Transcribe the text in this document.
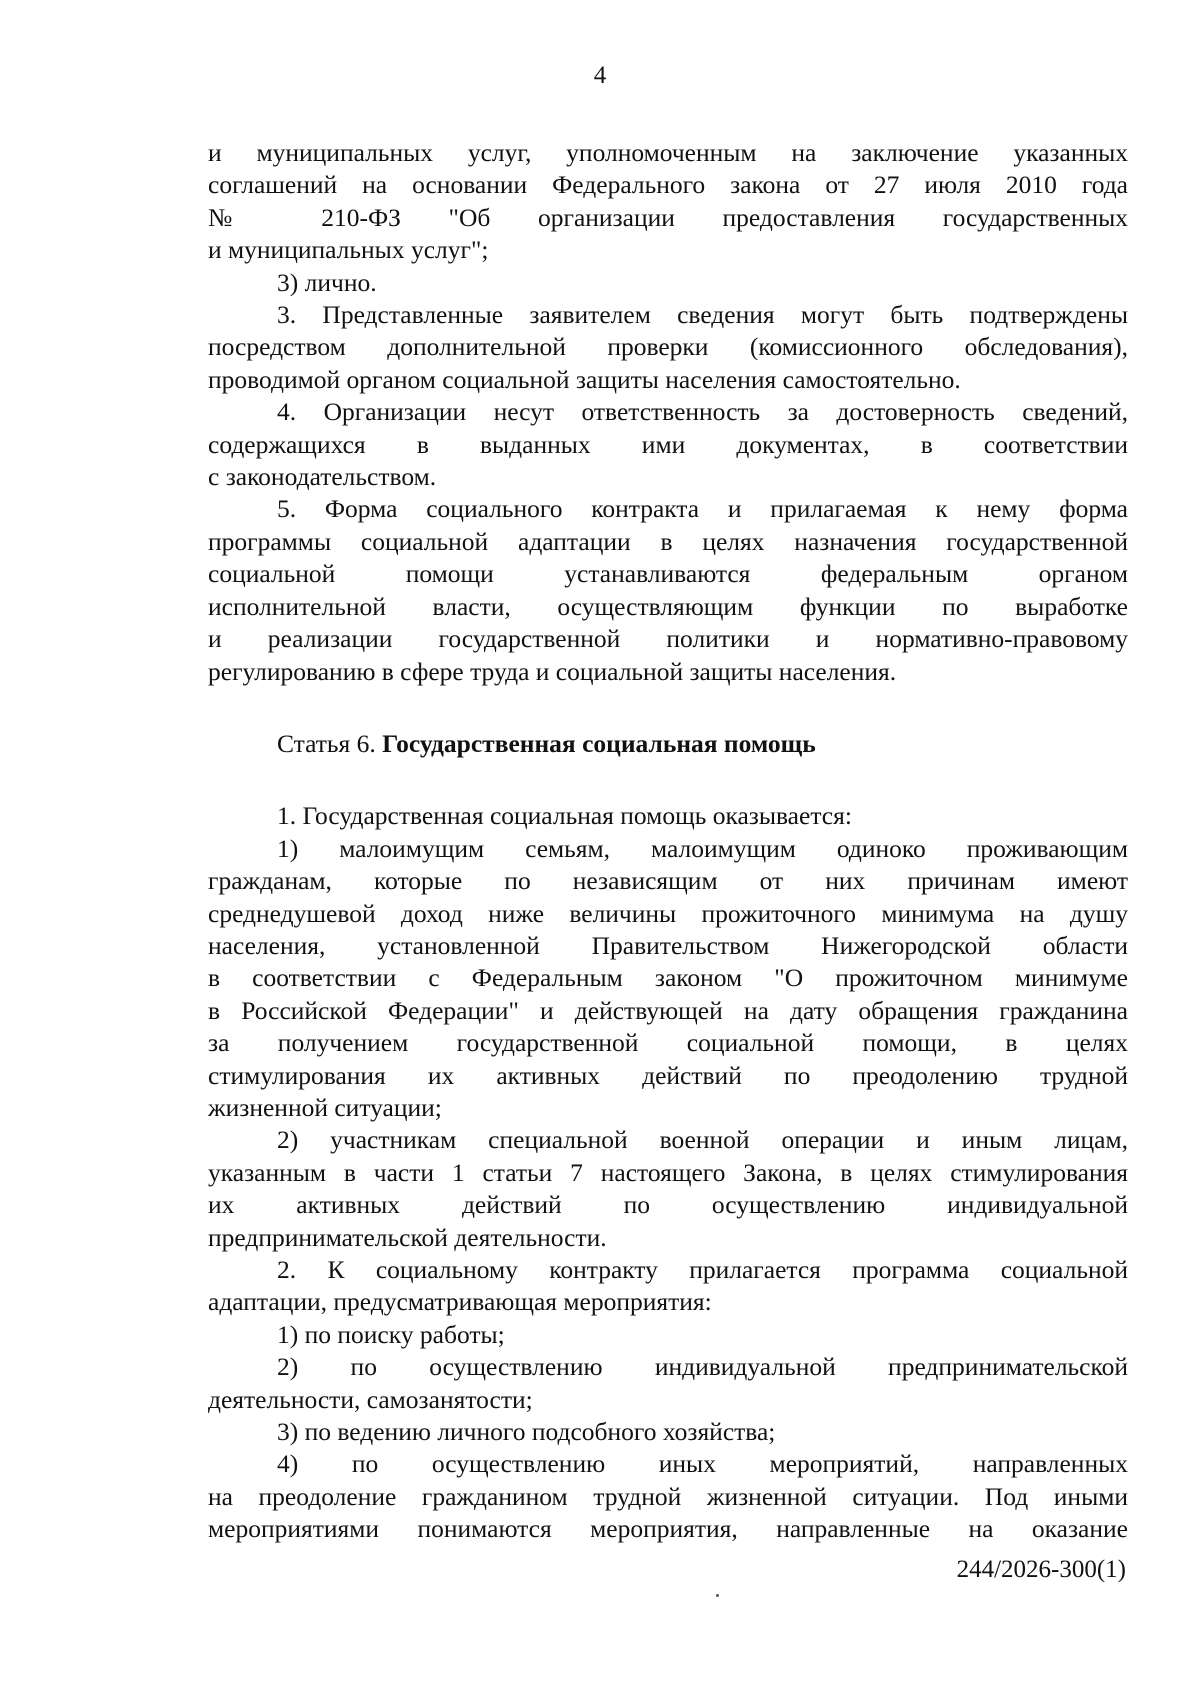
4
и муниципальных услуг, уполномоченным на заключение указанных
соглашений на основании Федерального закона от 27 июля 2010 года
№ 210-ФЗ "Об организации предоставления государственных
и муниципальных услуг";
3) лично.
3. Представленные заявителем сведения могут быть подтверждены
посредством дополнительной проверки (комиссионного обследования),
проводимой органом социальной защиты населения самостоятельно.
4. Организации несут ответственность за достоверность сведений,
содержащихся в выданных ими документах, в соответствии
с законодательством.
5. Форма социального контракта и прилагаемая к нему форма
программы социальной адаптации в целях назначения государственной
социальной помощи устанавливаются федеральным органом
исполнительной власти, осуществляющим функции по выработке
и реализации государственной политики и нормативно-правовому
регулированию в сфере труда и социальной защиты населения.
Статья 6. Государственная социальная помощь
1. Государственная социальная помощь оказывается:
1) малоимущим семьям, малоимущим одиноко проживающим
гражданам, которые по независящим от них причинам имеют
среднедушевой доход ниже величины прожиточного минимума на душу
населения, установленной Правительством Нижегородской области
в соответствии с Федеральным законом "О прожиточном минимуме
в Российской Федерации" и действующей на дату обращения гражданина
за получением государственной социальной помощи, в целях
стимулирования их активных действий по преодолению трудной
жизненной ситуации;
2) участникам специальной военной операции и иным лицам,
указанным в части 1 статьи 7 настоящего Закона, в целях стимулирования
их активных действий по осуществлению индивидуальной
предпринимательской деятельности.
2. К социальному контракту прилагается программа социальной
адаптации, предусматривающая мероприятия:
1) по поиску работы;
2) по осуществлению индивидуальной предпринимательской
деятельности, самозанятости;
3) по ведению личного подсобного хозяйства;
4) по осуществлению иных мероприятий, направленных
на преодоление гражданином трудной жизненной ситуации. Под иными
мероприятиями понимаются мероприятия, направленные на оказание
244/2026-300(1)
